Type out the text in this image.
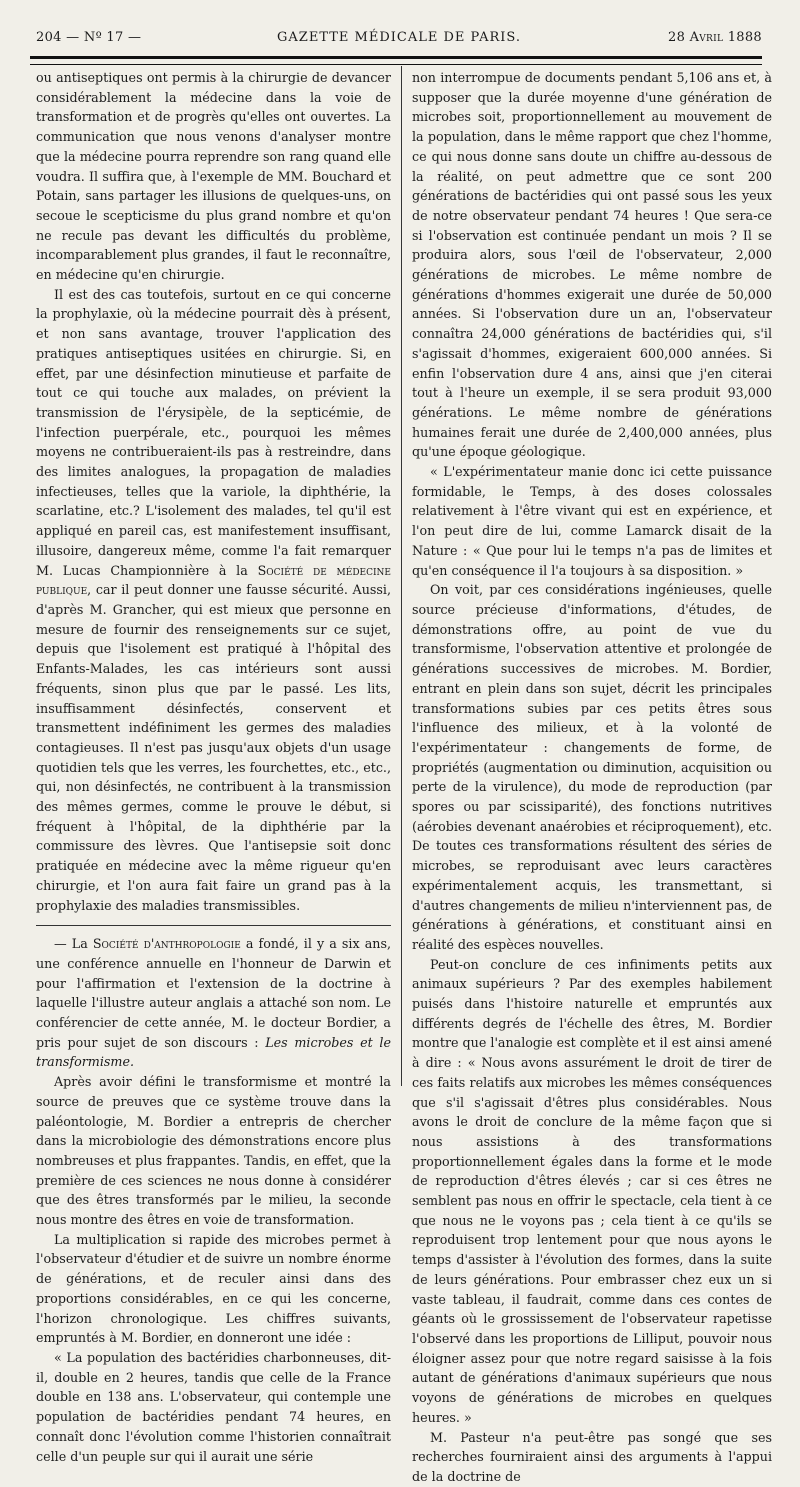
204 — Nº 17 —	GAZETTE MÉDICALE DE PARIS.	28 Avril 1888

ou antiseptiques ont permis à la chirurgie de devancer considérablement la médecine dans la voie de transformation et de progrès qu'elles ont ouvertes. La communication que nous venons d'analyser montre que la médecine pourra reprendre son rang quand elle voudra. Il suffira que, à l'exemple de MM. Bouchard et Potain, sans partager les illusions de quelques-uns, on secoue le scepticisme du plus grand nombre et qu'on ne recule pas devant les difficultés du problème, incomparablement plus grandes, il faut le reconnaître, en médecine qu'en chirurgie.

Il est des cas toutefois, surtout en ce qui concerne la prophylaxie, où la médecine pourrait dès à présent, et non sans avantage, trouver l'application des pratiques antiseptiques usitées en chirurgie. Si, en effet, par une désinfection minutieuse et parfaite de tout ce qui touche aux malades, on prévient la transmission de l'érysipèle, de la septicémie, de l'infection puerpérale, etc., pourquoi les mêmes moyens ne contribueraient-ils pas à restreindre, dans des limites analogues, la propagation de maladies infectieuses, telles que la variole, la diphthérie, la scarlatine, etc.? L'isolement des malades, tel qu'il est appliqué en pareil cas, est manifestement insuffisant, illusoire, dangereux même, comme l'a fait remarquer M. Lucas Championnière à la Société de médecine publique, car il peut donner une fausse sécurité. Aussi, d'après M. Grancher, qui est mieux que personne en mesure de fournir des renseignements sur ce sujet, depuis que l'isolement est pratiqué à l'hôpital des Enfants-Malades, les cas intérieurs sont aussi fréquents, sinon plus que par le passé. Les lits, insuffisamment désinfectés, conservent et transmettent indéfiniment les germes des maladies contagieuses. Il n'est pas jusqu'aux objets d'un usage quotidien tels que les verres, les fourchettes, etc., etc., qui, non désinfectés, ne contribuent à la transmission des mêmes germes, comme le prouve le début, si fréquent à l'hôpital, de la diphthérie par la commissure des lèvres. Que l'antisepsie soit donc pratiquée en médecine avec la même rigueur qu'en chirurgie, et l'on aura fait faire un grand pas à la prophylaxie des maladies transmissibles.

— La Société d'anthropologie a fondé, il y a six ans, une conférence annuelle en l'honneur de Darwin et pour l'affirmation et l'extension de la doctrine à laquelle l'illustre auteur anglais a attaché son nom. Le conférencier de cette année, M. le docteur Bordier, a pris pour sujet de son discours : Les microbes et le transformisme.

Après avoir défini le transformisme et montré la source de preuves que ce système trouve dans la paléontologie, M. Bordier a entrepris de chercher dans la microbiologie des démonstrations encore plus nombreuses et plus frappantes. Tandis, en effet, que la première de ces sciences ne nous donne à considérer que des êtres transformés par le milieu, la seconde nous montre des êtres en voie de transformation.

La multiplication si rapide des microbes permet à l'observateur d'étudier et de suivre un nombre énorme de générations, et de reculer ainsi dans des proportions considérables, en ce qui les concerne, l'horizon chronologique. Les chiffres suivants, empruntés à M. Bordier, en donneront une idée :

« La population des bactéridies charbonneuses, dit-il, double en 2 heures, tandis que celle de la France double en 138 ans. L'observateur, qui contemple une population de bactéridies pendant 74 heures, en connaît donc l'évolution comme l'historien connaîtrait celle d'un peuple sur qui il aurait une série

non interrompue de documents pendant 5,106 ans et, à supposer que la durée moyenne d'une génération de microbes soit, proportionnellement au mouvement de la population, dans le même rapport que chez l'homme, ce qui nous donne sans doute un chiffre au-dessous de la réalité, on peut admettre que ce sont 200 générations de bactéridies qui ont passé sous les yeux de notre observateur pendant 74 heures ! Que sera-ce si l'observation est continuée pendant un mois ? Il se produira alors, sous l'œil de l'observateur, 2,000 générations de microbes. Le même nombre de générations d'hommes exigerait une durée de 50,000 années. Si l'observation dure un an, l'observateur connaîtra 24,000 générations de bactéridies qui, s'il s'agissait d'hommes, exigeraient 600,000 années. Si enfin l'observation dure 4 ans, ainsi que j'en citerai tout à l'heure un exemple, il se sera produit 93,000 générations. Le même nombre de générations humaines ferait une durée de 2,400,000 années, plus qu'une époque géologique.

« L'expérimentateur manie donc ici cette puissance formidable, le Temps, à des doses colossales relativement à l'être vivant qui est en expérience, et l'on peut dire de lui, comme Lamarck disait de la Nature : « Que pour lui le temps n'a pas de limites et qu'en conséquence il l'a toujours à sa disposition. »

On voit, par ces considérations ingénieuses, quelle source précieuse d'informations, d'études, de démonstrations offre, au point de vue du transformisme, l'observation attentive et prolongée de générations successives de microbes. M. Bordier, entrant en plein dans son sujet, décrit les principales transformations subies par ces petits êtres sous l'influence des milieux, et à la volonté de l'expérimentateur : changements de forme, de propriétés (augmentation ou diminution, acquisition ou perte de la virulence), du mode de reproduction (par spores ou par scissiparité), des fonctions nutritives (aérobies devenant anaérobies et réciproquement), etc. De toutes ces transformations résultent des séries de microbes, se reproduisant avec leurs caractères expérimentalement acquis, les transmettant, si d'autres changements de milieu n'interviennent pas, de générations à générations, et constituant ainsi en réalité des espèces nouvelles.

Peut-on conclure de ces infiniments petits aux animaux supérieurs ? Par des exemples habilement puisés dans l'histoire naturelle et empruntés aux différents degrés de l'échelle des êtres, M. Bordier montre que l'analogie est complète et il est ainsi amené à dire : « Nous avons assurément le droit de tirer de ces faits relatifs aux microbes les mêmes conséquences que s'il s'agissait d'êtres plus considérables. Nous avons le droit de conclure de la même façon que si nous assistions à des transformations proportionnellement égales dans la forme et le mode de reproduction d'êtres élevés ; car si ces êtres ne semblent pas nous en offrir le spectacle, cela tient à ce que nous ne le voyons pas ; cela tient à ce qu'ils se reproduisent trop lentement pour que nous ayons le temps d'assister à l'évolution des formes, dans la suite de leurs générations. Pour embrasser chez eux un si vaste tableau, il faudrait, comme dans ces contes de géants où le grossissement de l'observateur rapetisse l'observé dans les proportions de Lilliput, pouvoir nous éloigner assez pour que notre regard saisisse à la fois autant de générations d'animaux supérieurs que nous voyons de générations de microbes en quelques heures. »

M. Pasteur n'a peut-être pas songé que ses recherches fourniraient ainsi des arguments à l'appui de la doctrine de
